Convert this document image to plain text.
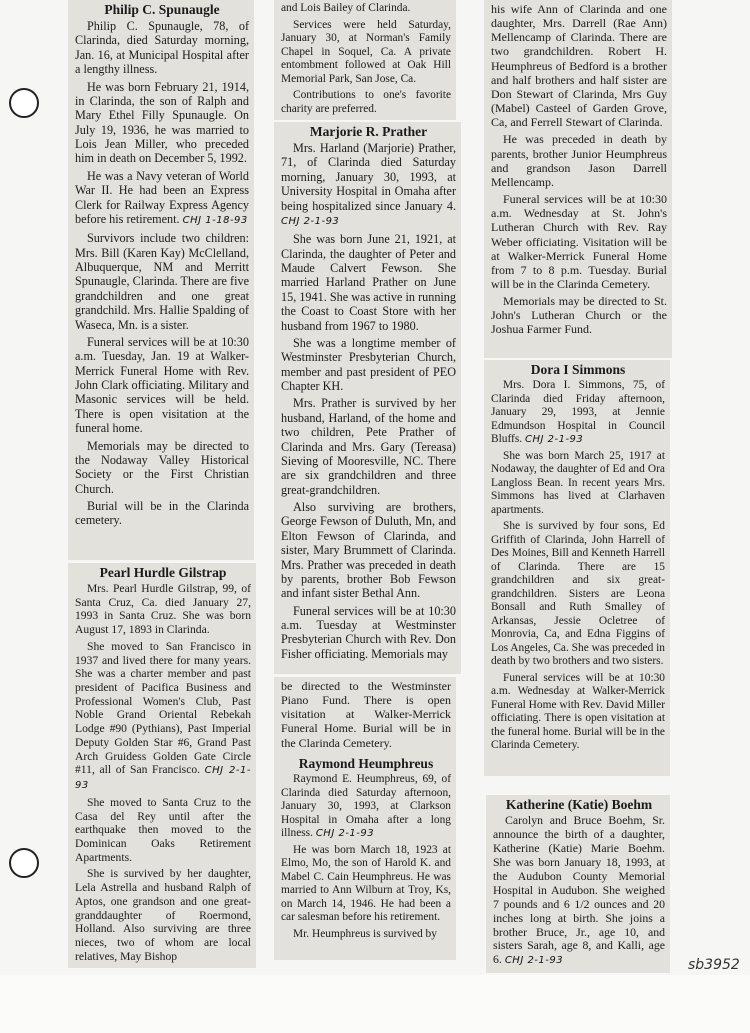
Philip C. Spunaugle

Philip C. Spunaugle, 78, of Clarinda, died Saturday morning, Jan. 16, at Municipal Hospital after a lengthy illness.

He was born February 21, 1914, in Clarinda, the son of Ralph and Mary Ethel Filly Spunaugle. On July 19, 1936, he was married to Lois Jean Miller, who preceded him in death on December 5, 1992.

He was a Navy veteran of World War II. He had been an Express Clerk for Railway Express Agency before his retirement. CHJ 1-18-93

Survivors include two children: Mrs. Bill (Karen Kay) McClelland, Albuquerque, NM and Merritt Spunaugle, Clarinda. There are five grandchildren and one great grandchild. Mrs. Hallie Spalding of Waseca, Mn. is a sister.

Funeral services will be at 10:30 a.m. Tuesday, Jan. 19 at Walker-Merrick Funeral Home with Rev. John Clark officiating. Military and Masonic services will be held. There is open visitation at the funeral home.

Memorials may be directed to the Nodaway Valley Historical Society or the First Christian Church.

Burial will be in the Clarinda cemetery.

Pearl Hurdle Gilstrap

Mrs. Pearl Hurdle Gilstrap, 99, of Santa Cruz, Ca. died January 27, 1993 in Santa Cruz. She was born August 17, 1893 in Clarinda.

She moved to San Francisco in 1937 and lived there for many years. She was a charter member and past president of Pacifica Business and Professional Women's Club, Past Noble Grand Oriental Rebekah Lodge #90 (Pythians), Past Imperial Deputy Golden Star #6, Grand Past Arch Gruidess Golden Gate Circle #11, all of San Francisco. CHJ 2-1-93

She moved to Santa Cruz to the Casa del Rey until after the earthquake then moved to the Dominican Oaks Retirement Apartments.

She is survived by her daughter, Lela Astrella and husband Ralph of Aptos, one grandson and one great-granddaughter of Roermond, Holland. Also surviving are three nieces, two of whom are local relatives, May Bishop

and Lois Bailey of Clarinda.

Services were held Saturday, January 30, at Norman's Family Chapel in Soquel, Ca. A private entombment followed at Oak Hill Memorial Park, San Jose, Ca.

Contributions to one's favorite charity are preferred.

Marjorie R. Prather

Mrs. Harland (Marjorie) Prather, 71, of Clarinda died Saturday morning, January 30, 1993, at University Hospital in Omaha after being hospitalized since January 4. CHJ 2-1-93

She was born June 21, 1921, at Clarinda, the daughter of Peter and Maude Calvert Fewson. She married Harland Prather on June 15, 1941. She was active in running the Coast to Coast Store with her husband from 1967 to 1980.

She was a longtime member of Westminster Presbyterian Church, member and past president of PEO Chapter KH.

Mrs. Prather is survived by her husband, Harland, of the home and two children, Pete Prather of Clarinda and Mrs. Gary (Tereasa) Sieving of Mooresville, NC. There are six grandchildren and three great-grandchildren.

Also surviving are brothers, George Fewson of Duluth, Mn, and Elton Fewson of Clarinda, and sister, Mary Brummett of Clarinda. Mrs. Prather was preceded in death by parents, brother Bob Fewson and infant sister Bethal Ann.

Funeral services will be at 10:30 a.m. Tuesday at Westminster Presbyterian Church with Rev. Don Fisher officiating. Memorials may

be directed to the Westminster Piano Fund. There is open visitation at Walker-Merrick Funeral Home. Burial will be in the Clarinda Cemetery.

Raymond Heumphreus

Raymond E. Heumphreus, 69, of Clarinda died Saturday afternoon, January 30, 1993, at Clarkson Hospital in Omaha after a long illness. CHJ 2-1-93

He was born March 18, 1923 at Elmo, Mo, the son of Harold K. and Mabel C. Cain Heumphreus. He was married to Ann Wilburn at Troy, Ks, on March 14, 1946. He had been a car salesman before his retirement.

Mr. Heumphreus is survived by

his wife Ann of Clarinda and one daughter, Mrs. Darrell (Rae Ann) Mellencamp of Clarinda. There are two grandchildren. Robert H. Heumphreus of Bedford is a brother and half brothers and half sister are Don Stewart of Clarinda, Mrs Guy (Mabel) Casteel of Garden Grove, Ca, and Ferrell Stewart of Clarinda.

He was preceded in death by parents, brother Junior Heumphreus and grandson Jason Darrell Mellencamp.

Funeral services will be at 10:30 a.m. Wednesday at St. John's Lutheran Church with Rev. Ray Weber officiating. Visitation will be at Walker-Merrick Funeral Home from 7 to 8 p.m. Tuesday. Burial will be in the Clarinda Cemetery.

Memorials may be directed to St. John's Lutheran Church or the Joshua Farmer Fund.

Dora I Simmons

Mrs. Dora I. Simmons, 75, of Clarinda died Friday afternoon, January 29, 1993, at Jennie Edmundson Hospital in Council Bluffs. CHJ 2-1-93

She was born March 25, 1917 at Nodaway, the daughter of Ed and Ora Langloss Bean. In recent years Mrs. Simmons has lived at Clarhaven apartments.

She is survived by four sons, Ed Griffith of Clarinda, John Harrell of Des Moines, Bill and Kenneth Harrell of Clarinda. There are 15 grandchildren and six great-grandchildren. Sisters are Leona Bonsall and Ruth Smalley of Arkansas, Jessie Ocletree of Monrovia, Ca, and Edna Figgins of Los Angeles, Ca. She was preceded in death by two brothers and two sisters.

Funeral services will be at 10:30 a.m. Wednesday at Walker-Merrick Funeral Home with Rev. David Miller officiating. There is open visitation at the funeral home. Burial will be in the Clarinda Cemetery.

Katherine (Katie) Boehm

Carolyn and Bruce Boehm, Sr. announce the birth of a daughter, Katherine (Katie) Marie Boehm. She was born January 18, 1993, at the Audubon County Memorial Hospital in Audubon. She weighed 7 pounds and 6 1/2 ounces and 20 inches long at birth. She joins a brother Bruce, Jr., age 10, and sisters Sarah, age 8, and Kalli, age 6. CHJ 2-1-93	sb3952
